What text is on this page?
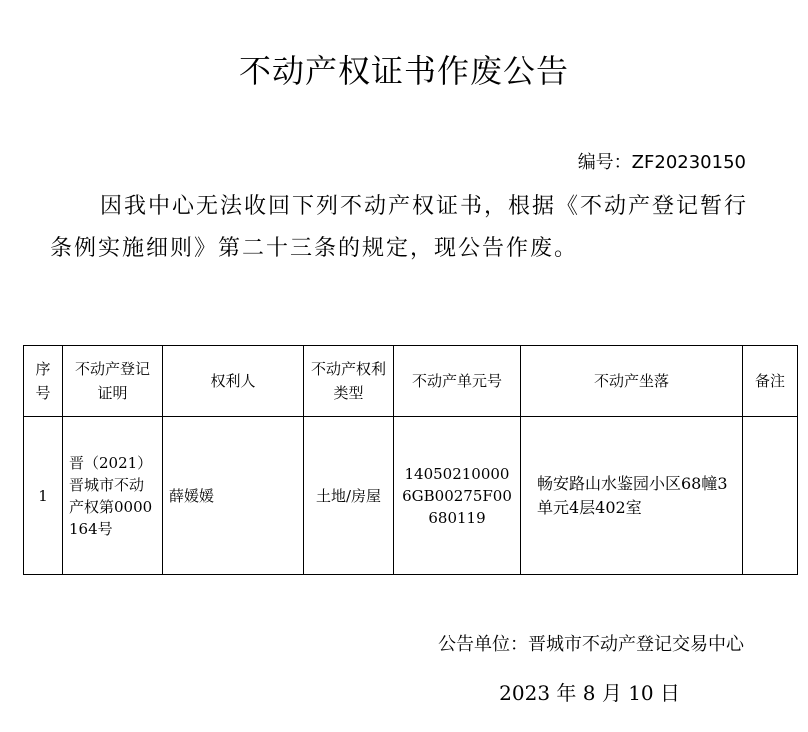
不动产权证书作废公告
编号：ZF20230150
因我中心无法收回下列不动产权证书，根据《不动产登记暂行条例实施细则》第二十三条的规定，现公告作废。
序号	不动产登记证明	权利人	不动产权利类型	不动产单元号	不动产坐落	备注
1	晋（2021）晋城市不动产权第0000164号	薛媛媛	土地/房屋	140502100006GB00275F00680119	畅安路山水鉴园小区68幢3单元4层402室	
公告单位：晋城市不动产登记交易中心
2023 年 8 月 10 日
